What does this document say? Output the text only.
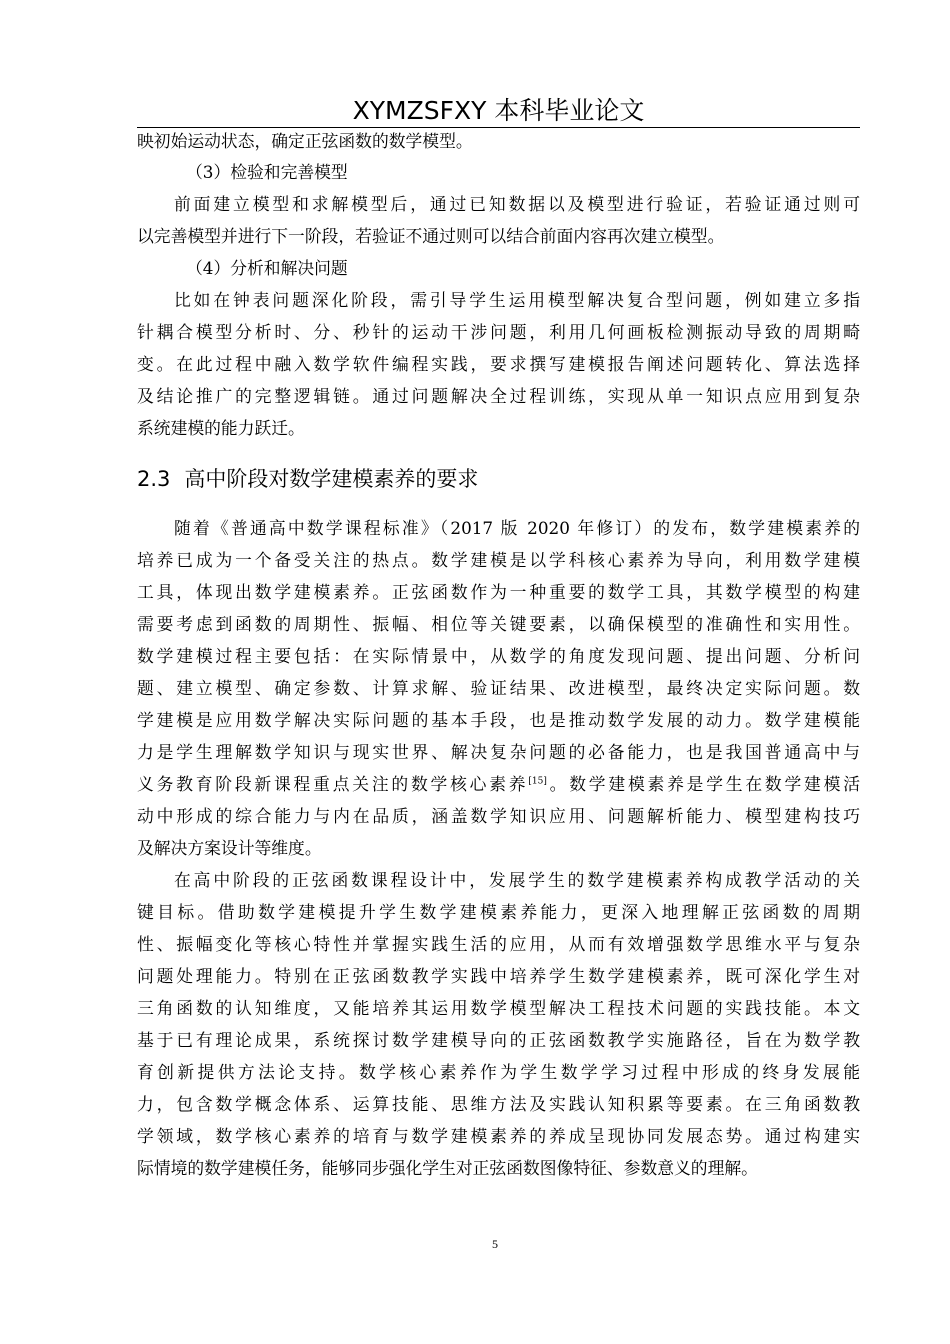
XYMZSFXY 本科毕业论文
映初始运动状态，确定正弦函数的数学模型。
（3）检验和完善模型
前面建立模型和求解模型后，通过已知数据以及模型进行验证，若验证通过则可
以完善模型并进行下一阶段，若验证不通过则可以结合前面内容再次建立模型。
（4）分析和解决问题
比如在钟表问题深化阶段，需引导学生运用模型解决复合型问题，例如建立多指
针耦合模型分析时、分、秒针的运动干涉问题，利用几何画板检测振动导致的周期畸
变。在此过程中融入数学软件编程实践，要求撰写建模报告阐述问题转化、算法选择
及结论推广的完整逻辑链。通过问题解决全过程训练，实现从单一知识点应用到复杂
系统建模的能力跃迁。
2.3 高中阶段对数学建模素养的要求
随着《普通高中数学课程标准》（2017 版 2020 年修订）的发布，数学建模素养的
培养已成为一个备受关注的热点。数学建模是以学科核心素养为导向，利用数学建模
工具，体现出数学建模素养。正弦函数作为一种重要的数学工具，其数学模型的构建
需要考虑到函数的周期性、振幅、相位等关键要素，以确保模型的准确性和实用性。
数学建模过程主要包括：在实际情景中，从数学的角度发现问题、提出问题、分析问
题、建立模型、确定参数、计算求解、验证结果、改进模型，最终决定实际问题。数
学建模是应用数学解决实际问题的基本手段，也是推动数学发展的动力。数学建模能
力是学生理解数学知识与现实世界、解决复杂问题的必备能力，也是我国普通高中与
义务教育阶段新课程重点关注的数学核心素养[15]。数学建模素养是学生在数学建模活
动中形成的综合能力与内在品质，涵盖数学知识应用、问题解析能力、模型建构技巧
及解决方案设计等维度。
在高中阶段的正弦函数课程设计中，发展学生的数学建模素养构成教学活动的关
键目标。借助数学建模提升学生数学建模素养能力，更深入地理解正弦函数的周期
性、振幅变化等核心特性并掌握实践生活的应用，从而有效增强数学思维水平与复杂
问题处理能力。特别在正弦函数教学实践中培养学生数学建模素养，既可深化学生对
三角函数的认知维度，又能培养其运用数学模型解决工程技术问题的实践技能。本文
基于已有理论成果，系统探讨数学建模导向的正弦函数教学实施路径，旨在为数学教
育创新提供方法论支持。数学核心素养作为学生数学学习过程中形成的终身发展能
力，包含数学概念体系、运算技能、思维方法及实践认知积累等要素。在三角函数教
学领域，数学核心素养的培育与数学建模素养的养成呈现协同发展态势。通过构建实
际情境的数学建模任务，能够同步强化学生对正弦函数图像特征、参数意义的理解。
5
